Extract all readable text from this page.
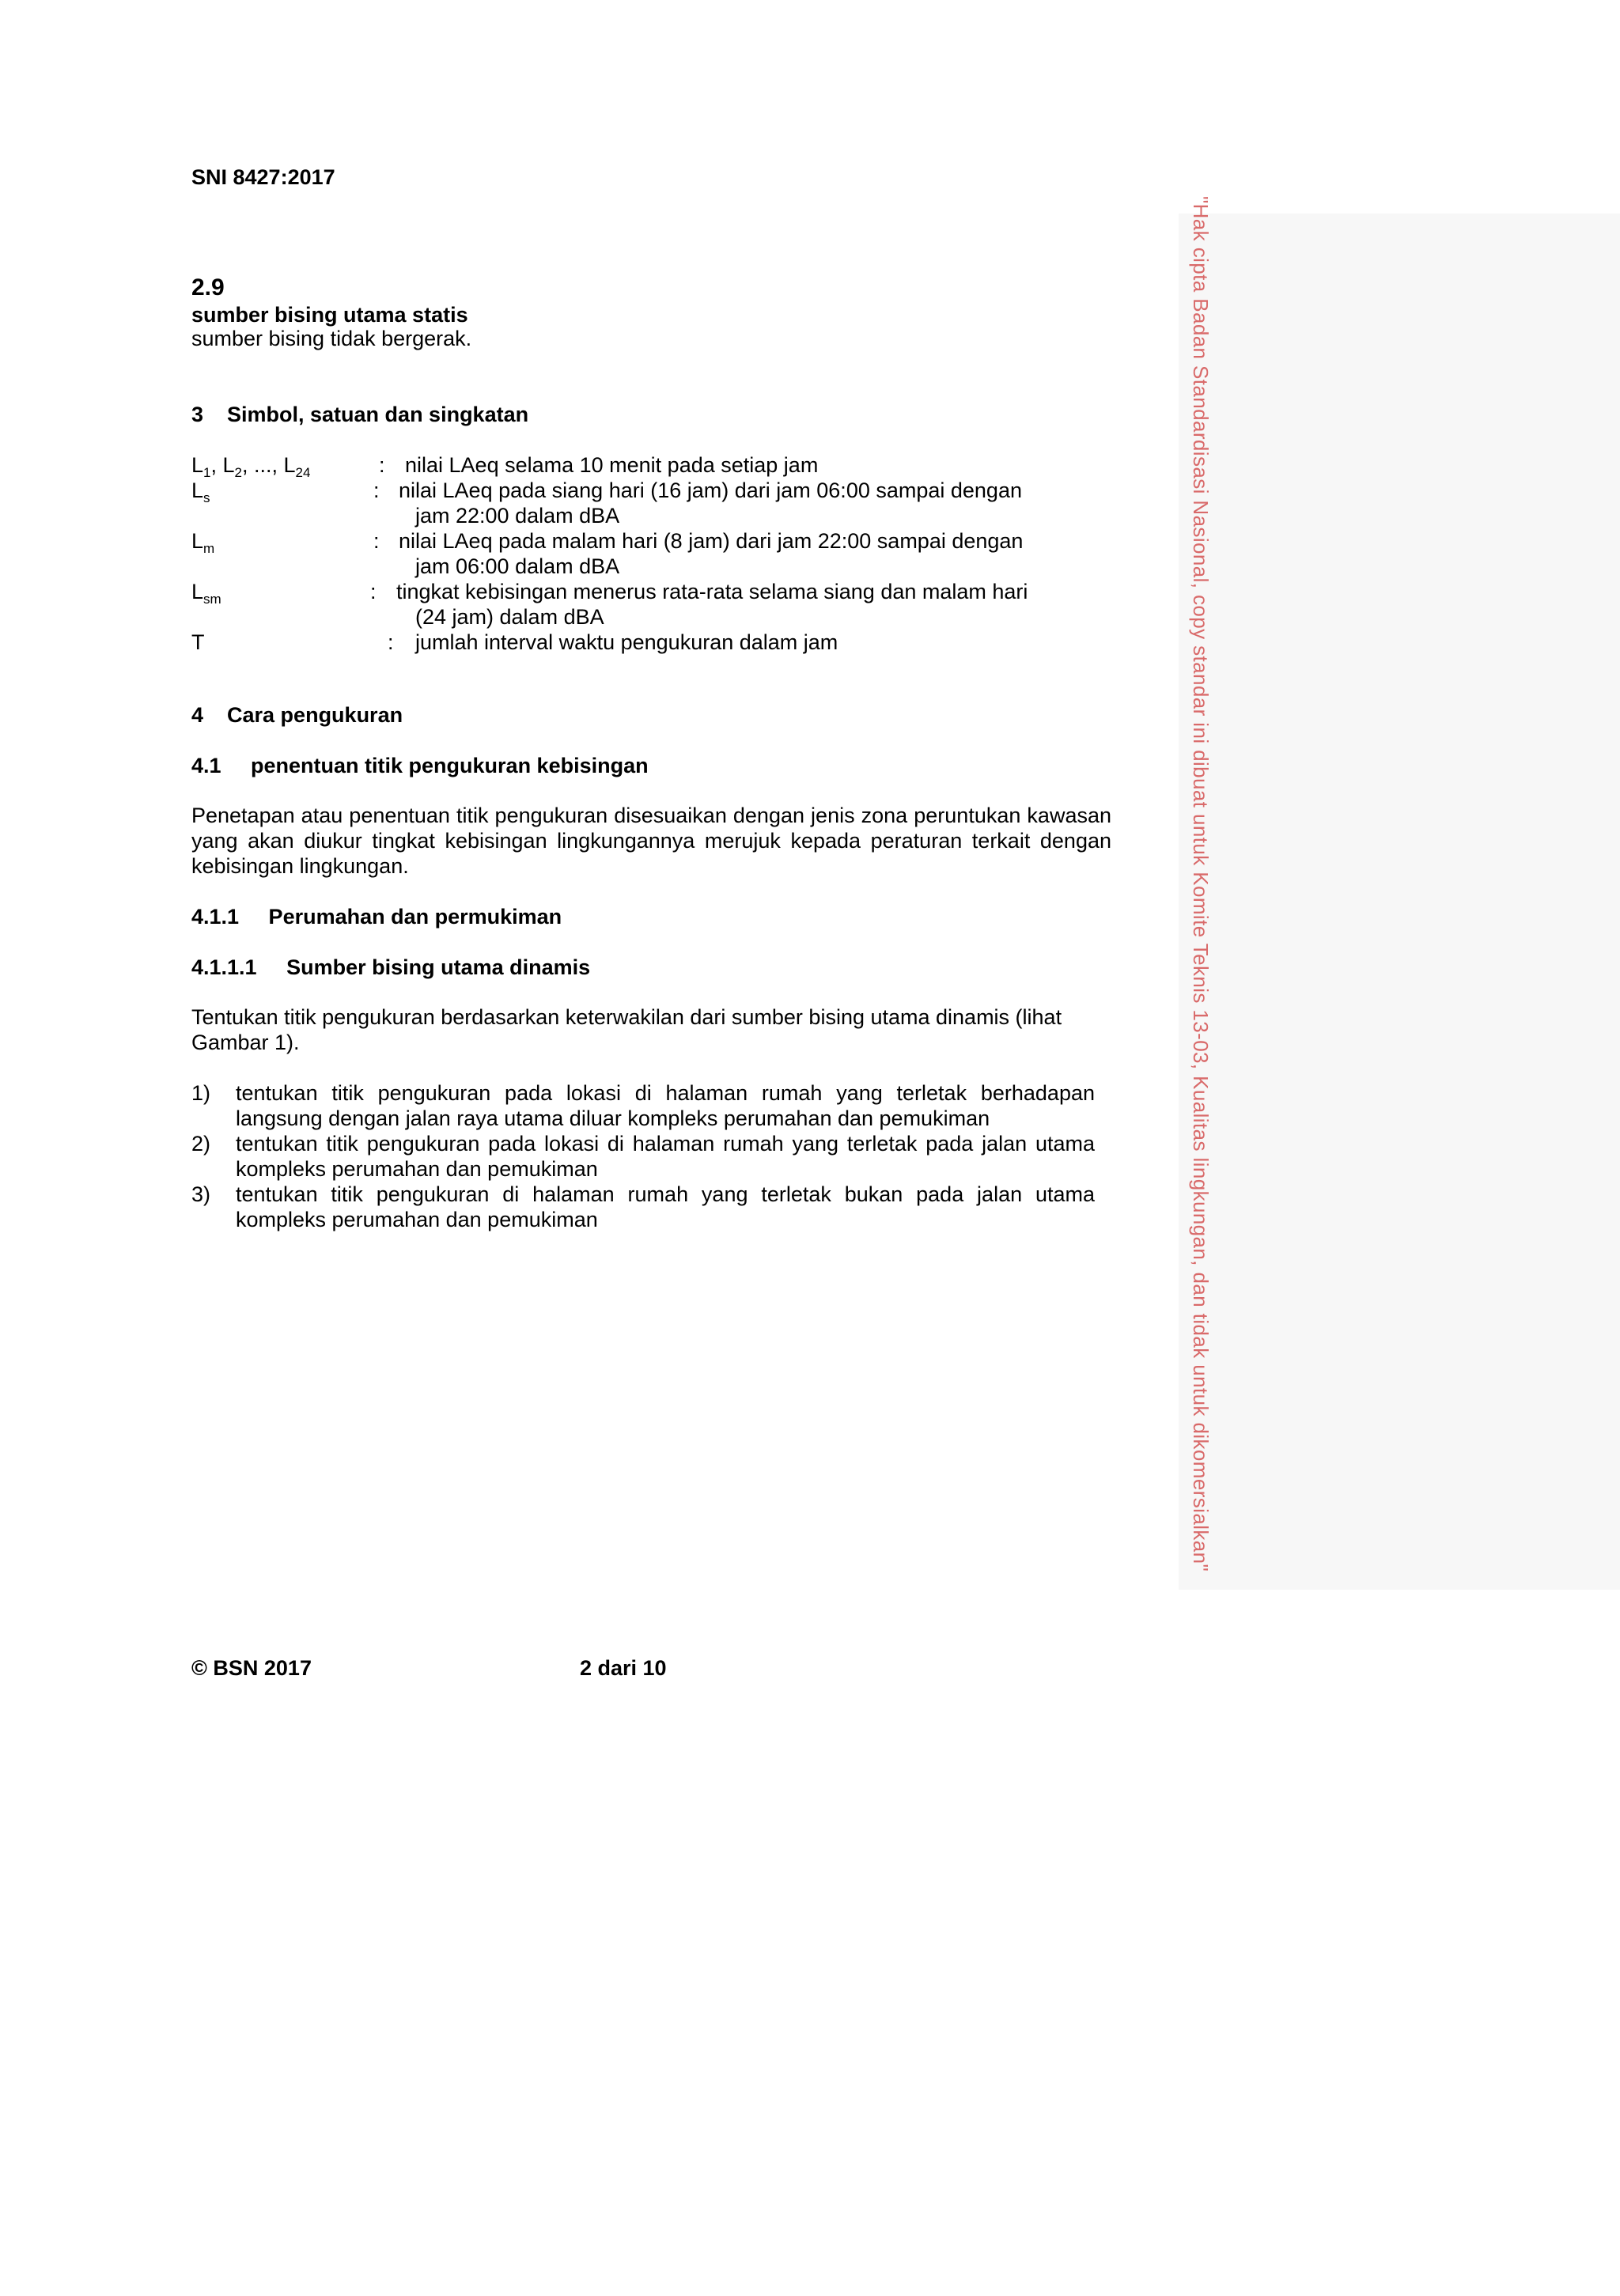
"Hak cipta Badan Standardisasi Nasional, copy standar ini dibuat untuk Komite Teknis 13-03, Kualitas lingkungan, dan tidak untuk dikomersialkan"
SNI 8427:2017
2.9
sumber bising utama statis
sumber bising tidak bergerak.
3    Simbol, satuan dan singkatan
$L_1$, $L_2$, ..., $L_{24}$	: nilai LAeq selama 10 menit pada setiap jam
$L_s$	: nilai LAeq pada siang hari (16 jam) dari jam 06:00 sampai dengan
jam 22:00 dalam dBA
$L_m$	: nilai LAeq pada malam hari (8 jam) dari jam 22:00 sampai dengan
jam 06:00 dalam dBA
$L_{sm}$	: tingkat kebisingan menerus rata-rata selama siang dan malam hari
(24 jam) dalam dBA
T	: jumlah interval waktu pengukuran dalam jam
4    Cara pengukuran
4.1     penentuan titik pengukuran kebisingan
Penetapan atau penentuan titik pengukuran disesuaikan dengan jenis zona peruntukan kawasan yang akan diukur tingkat kebisingan lingkungannya merujuk kepada peraturan terkait dengan kebisingan lingkungan.
4.1.1     Perumahan dan permukiman
4.1.1.1     Sumber bising utama dinamis
Tentukan titik pengukuran berdasarkan keterwakilan dari sumber bising utama dinamis (lihat Gambar 1).
1) tentukan titik pengukuran pada lokasi di halaman rumah yang terletak berhadapan langsung dengan jalan raya utama diluar kompleks perumahan dan pemukiman
2) tentukan titik pengukuran pada lokasi di halaman rumah yang terletak pada jalan utama kompleks perumahan dan pemukiman
3) tentukan titik pengukuran di halaman rumah yang terletak bukan pada jalan utama kompleks perumahan dan pemukiman
© BSN 2017	2 dari 10
